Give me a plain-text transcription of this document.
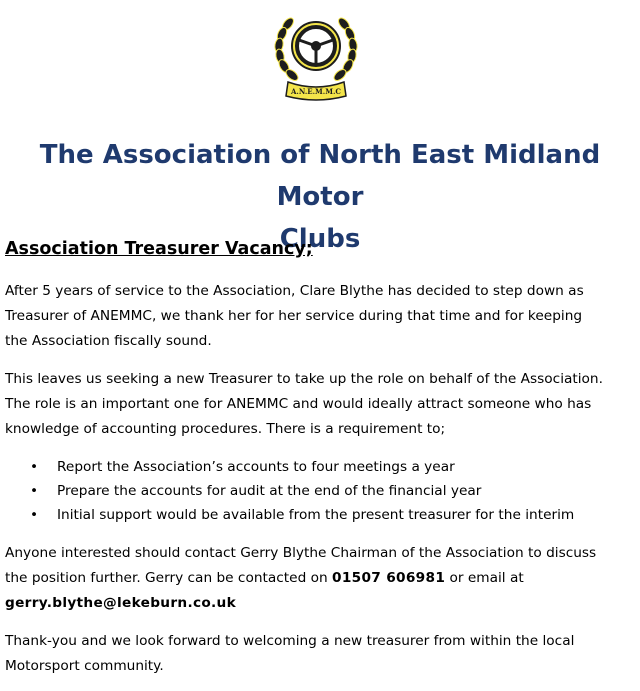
A.N.E.M.M.C
The Association of North East Midland Motor
Clubs
Association Treasurer Vacancy;

After 5 years of service to the Association, Clare Blythe has decided to step down as
Treasurer of ANEMMC, we thank her for her service during that time and for keeping
the Association fiscally sound.

This leaves us seeking a new Treasurer to take up the role on behalf of the Association.
The role is an important one for ANEMMC and would ideally attract someone who has
knowledge of accounting procedures. There is a requirement to;

• Report the Association’s accounts to four meetings a year
• Prepare the accounts for audit at the end of the financial year
• Initial support would be available from the present treasurer for the interim

Anyone interested should contact Gerry Blythe Chairman of the Association to discuss
the position further. Gerry can be contacted on 01507 606981 or email at
gerry.blythe@lekeburn.co.uk

Thank-you and we look forward to welcoming a new treasurer from within the local
Motorsport community.
